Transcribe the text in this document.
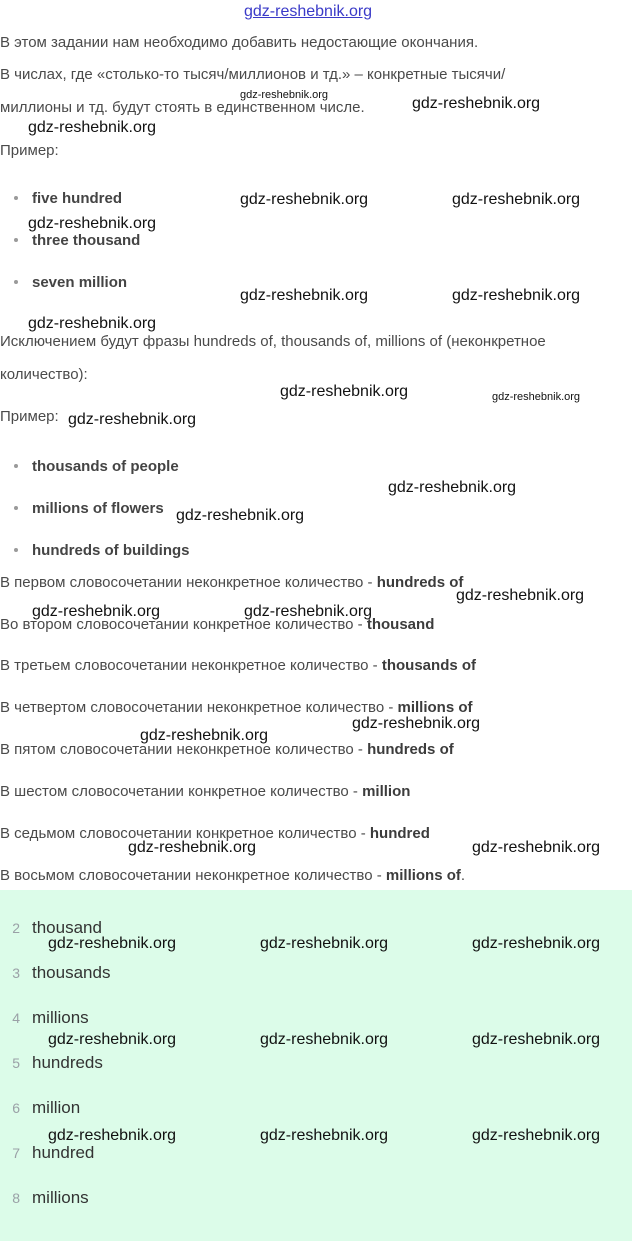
gdz-reshebnik.org
В этом задании нам необходимо добавить недостающие окончания.
В числах, где «столько-то тысяч/миллионов и тд.» – конкретные тысячи/
миллионы и тд. будут стоять в единственном числе.
Пример:
five hundred
three thousand
seven million
Исключением будут фразы hundreds of, thousands of, millions of (неконкретное
количество):
Пример:
thousands of people
millions of flowers
hundreds of buildings
В первом словосочетании неконкретное количество - hundreds of
Во втором словосочетании конкретное количество - thousand
В третьем словосочетании неконкретное количество - thousands of
В четвертом словосочетании неконкретное количество - millions of
В пятом словосочетании неконкретное количество - hundreds of
В шестом словосочетании конкретное количество - million
В седьмом словосочетании конкретное количество - hundred
В восьмом словосочетании неконкретное количество - millions of.
2 thousand
3 thousands
4 millions
5 hundreds
6 million
7 hundred
8 millions
gdz-reshebnik.org	gdz-reshebnik.org
gdz-reshebnik.org
gdz-reshebnik.org	gdz-reshebnik.org
gdz-reshebnik.org
gdz-reshebnik.org	gdz-reshebnik.org
gdz-reshebnik.org
gdz-reshebnik.org	gdz-reshebnik.org
gdz-reshebnik.org
gdz-reshebnik.org
gdz-reshebnik.org
gdz-reshebnik.org
gdz-reshebnik.org	gdz-reshebnik.org
gdz-reshebnik.org
gdz-reshebnik.org
gdz-reshebnik.org	gdz-reshebnik.org
gdz-reshebnik.org	gdz-reshebnik.org	gdz-reshebnik.org
gdz-reshebnik.org	gdz-reshebnik.org	gdz-reshebnik.org
gdz-reshebnik.org	gdz-reshebnik.org	gdz-reshebnik.org
